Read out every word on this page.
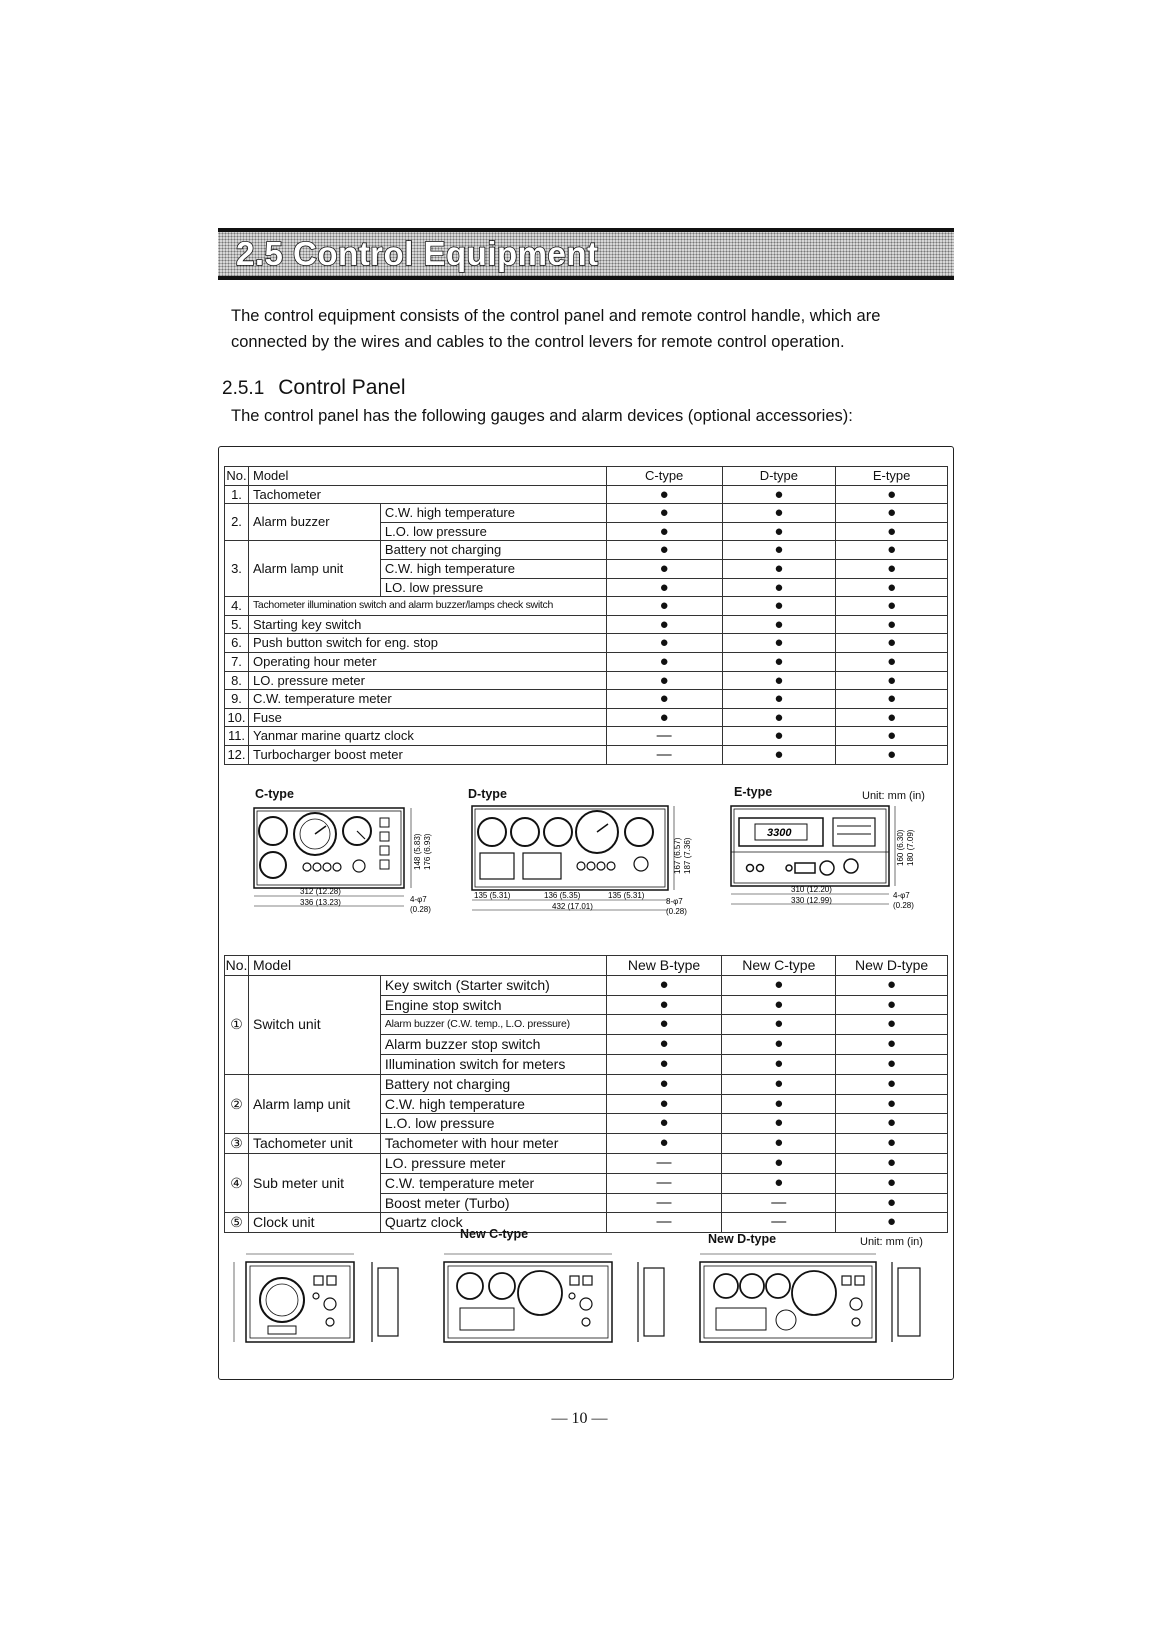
2.5 Control Equipment
The control equipment consists of the control panel and remote control handle, which are
connected by the wires and cables to the control levers for remote control operation.
2.5.1 Control Panel
The control panel has the following gauges and alarm devices (optional accessories):
No.	Model		C-type	D-type	E-type
1.	Tachometer		●	●	●
2.	Alarm buzzer	C.W. high temperature	●	●	●
		L.O. low pressure	●	●	●
3.	Alarm lamp unit	Battery not charging	●	●	●
		C.W. high temperature	●	●	●
		LO. low pressure	●	●	●
4.	Tachometer illumination switch and alarm buzzer/lamps check switch		●	●	●
5.	Starting key switch		●	●	●
6.	Push button switch for eng. stop		●	●	●
7.	Operating hour meter		●	●	●
8.	LO. pressure meter		●	●	●
9.	C.W. temperature meter		●	●	●
10.	Fuse		●	●	●
11.	Yanmar marine quartz clock		—	●	●
12.	Turbocharger boost meter		—	●	●
C-type	D-type	E-type	Unit: mm (in)
312 (12.28)
336 (13.23)
148 (5.83) 176 (6.93)
4-φ7
(0.28)
135 (5.31)	136 (5.35)	135 (5.31)
432 (17.01)
167 (6.57) 187 (7.36)
8-φ7
(0.28)
3300
310 (12.20)
330 (12.99)
160 (6.30) 180 (7.09)
4-φ7
(0.28)
No.	Model		New B-type	New C-type	New D-type
①	Switch unit	Key switch (Starter switch)	●	●	●
		Engine stop switch	●	●	●
		Alarm buzzer (C.W. temp., L.O. pressure)	●	●	●
		Alarm buzzer stop switch	●	●	●
		Illumination switch for meters	●	●	●
②	Alarm lamp unit	Battery not charging	●	●	●
		C.W. high temperature	●	●	●
		L.O. low pressure	●	●	●
③	Tachometer unit	Tachometer with hour meter	●	●	●
④	Sub meter unit	LO. pressure meter	—	●	●
		C.W. temperature meter	—	●	●
		Boost meter (Turbo)	—	—	●
⑤	Clock unit	Quartz clock	—	—	●
New C-type	New D-type	Unit: mm (in)
— 10 —
